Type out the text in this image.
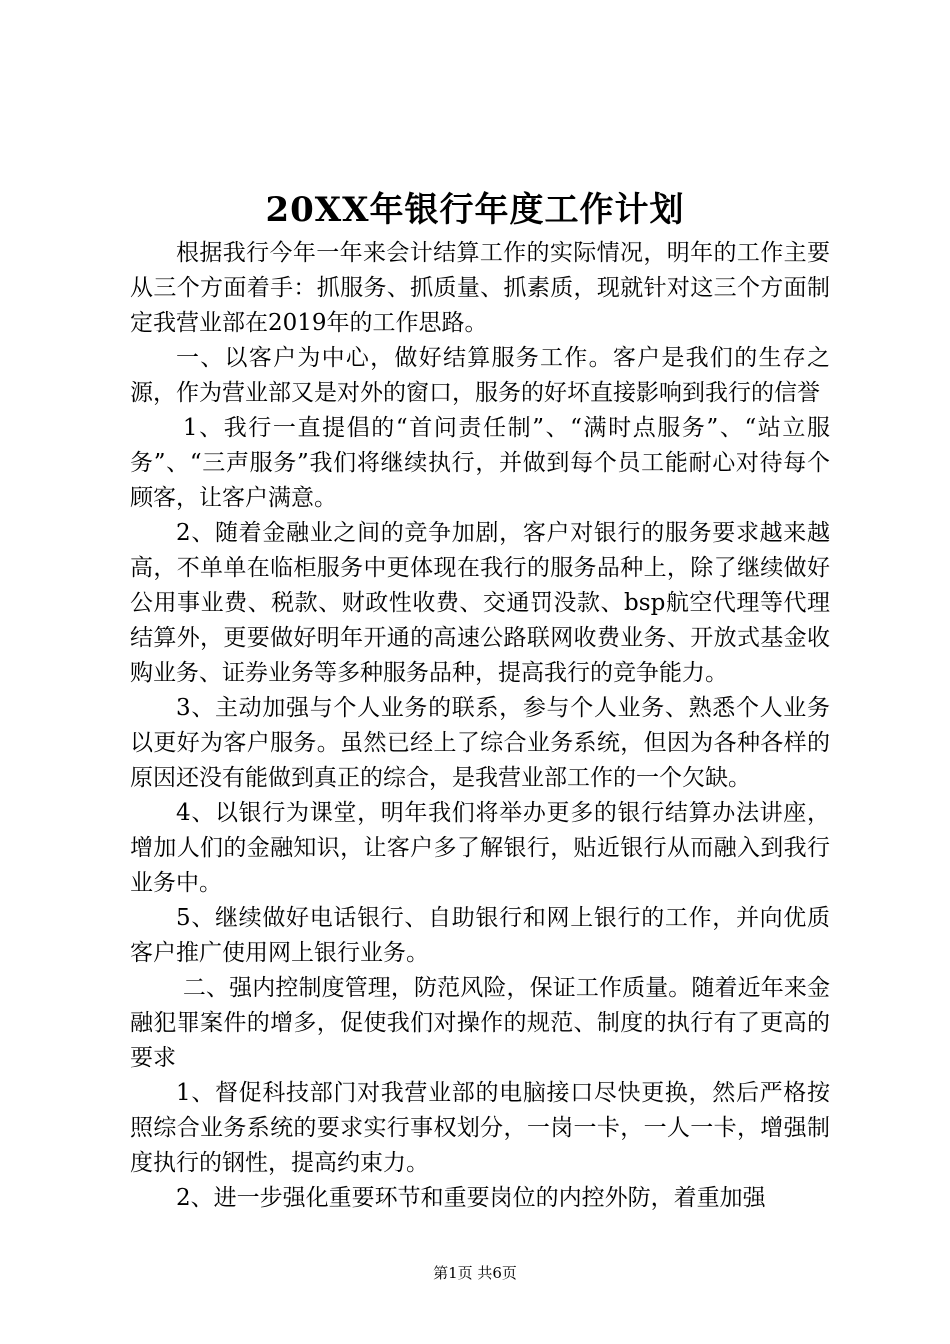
20XX年银行年度工作计划

根据我行今年一年来会计结算工作的实际情况，明年的工作主要从三个方面着手：抓服务、抓质量、抓素质，现就针对这三个方面制定我营业部在2019年的工作思路。

一、以客户为中心，做好结算服务工作。客户是我们的生存之源，作为营业部又是对外的窗口，服务的好坏直接影响到我行的信誉

1、我行一直提倡的“首问责任制”、“满时点服务”、“站立服务”、“三声服务”我们将继续执行，并做到每个员工能耐心对待每个顾客，让客户满意。

2、随着金融业之间的竞争加剧，客户对银行的服务要求越来越高，不单单在临柜服务中更体现在我行的服务品种上，除了继续做好公用事业费、税款、财政性收费、交通罚没款、bsp航空代理等代理结算外，更要做好明年开通的高速公路联网收费业务、开放式基金收购业务、证券业务等多种服务品种，提高我行的竞争能力。

3、主动加强与个人业务的联系，参与个人业务、熟悉个人业务以更好为客户服务。虽然已经上了综合业务系统，但因为各种各样的原因还没有能做到真正的综合，是我营业部工作的一个欠缺。

4、以银行为课堂，明年我们将举办更多的银行结算办法讲座，增加人们的金融知识，让客户多了解银行，贴近银行从而融入到我行业务中。

5、继续做好电话银行、自助银行和网上银行的工作，并向优质客户推广使用网上银行业务。

二、强内控制度管理，防范风险，保证工作质量。随着近年来金融犯罪案件的增多，促使我们对操作的规范、制度的执行有了更高的要求

1、督促科技部门对我营业部的电脑接口尽快更换，然后严格按照综合业务系统的要求实行事权划分，一岗一卡，一人一卡，增强制度执行的钢性，提高约束力。

2、进一步强化重要环节和重要岗位的内控外防，着重加强

第1页 共6页
